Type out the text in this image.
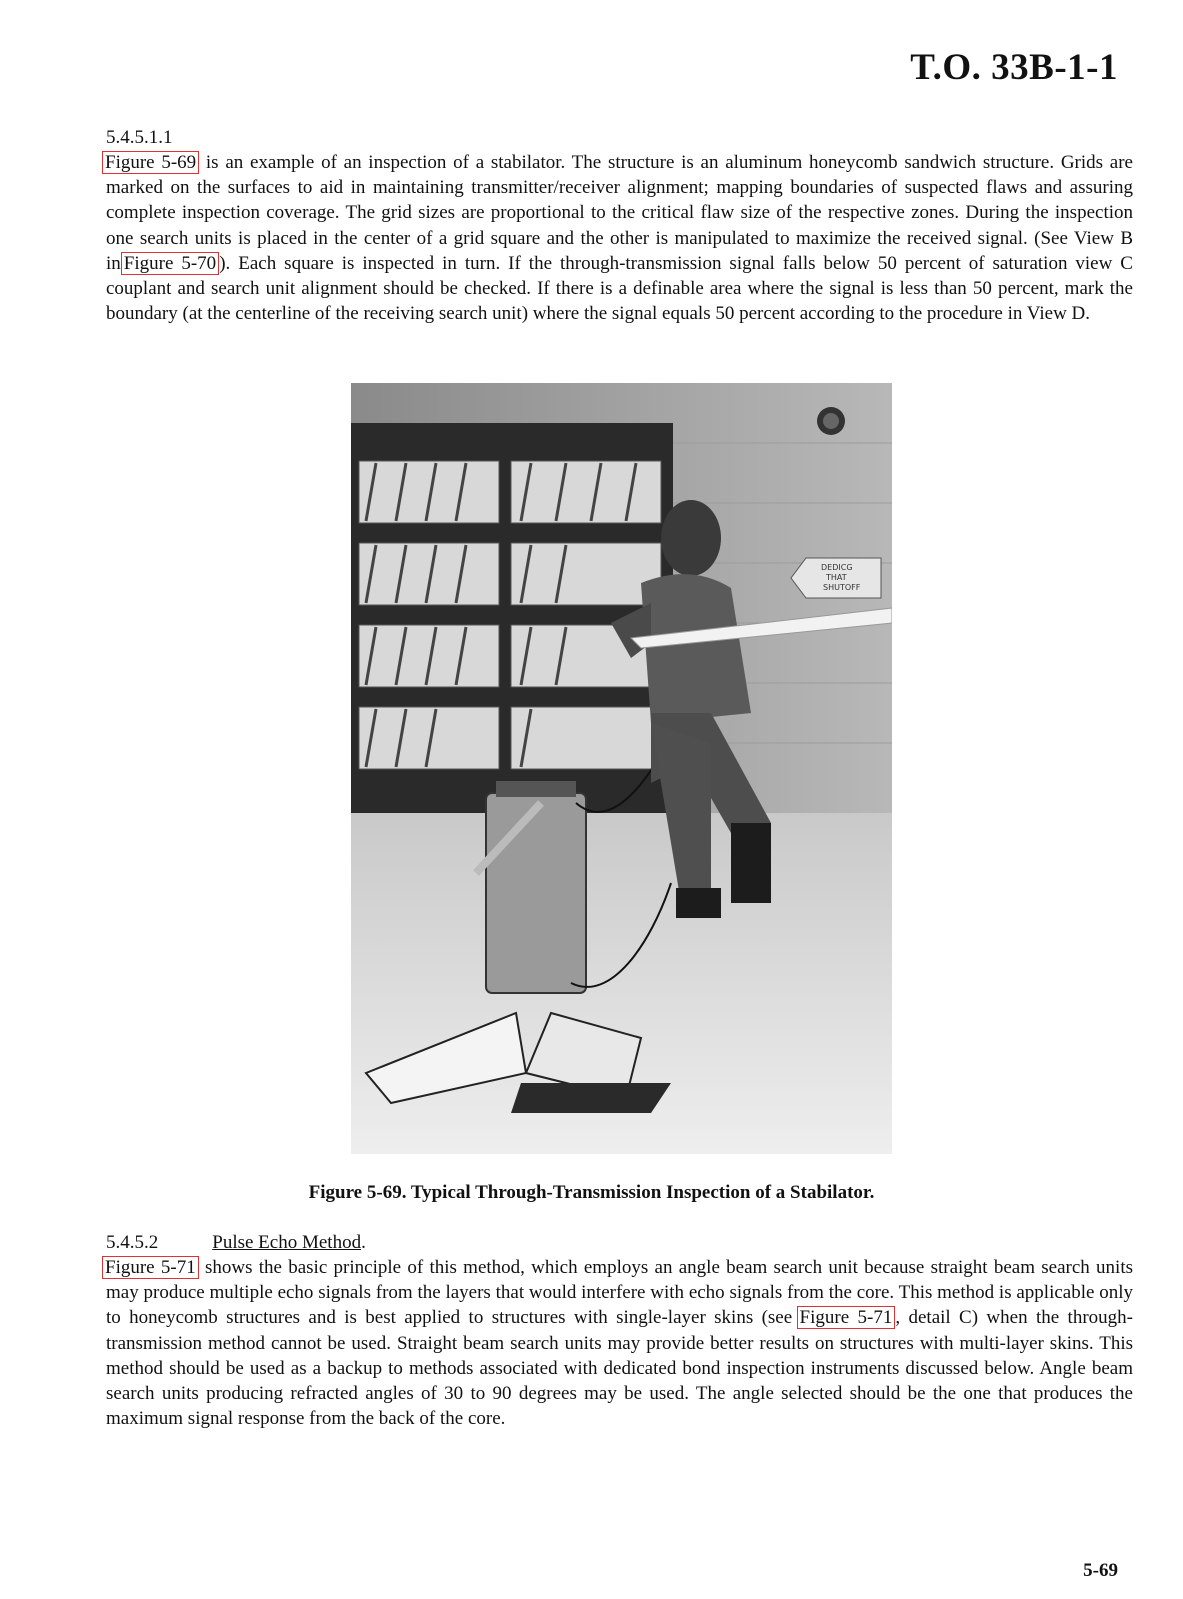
T.O. 33B-1-1
5.4.5.1.1
Figure 5-69 is an example of an inspection of a stabilator. The structure is an aluminum honeycomb sandwich structure. Grids are marked on the surfaces to aid in maintaining transmitter/receiver alignment; mapping boundaries of suspected flaws and assuring complete inspection coverage. The grid sizes are proportional to the critical flaw size of the respective zones. During the inspection one search units is placed in the center of a grid square and the other is manipulated to maximize the received signal. (See View B in Figure 5-70 ). Each square is inspected in turn. If the through-transmission signal falls below 50 percent of saturation view C couplant and search unit alignment should be checked. If there is a definable area where the signal is less than 50 percent, mark the boundary (at the centerline of the receiving search unit) where the signal equals 50 percent according to the procedure in View D.
DEDICG
THAT
SHUTOFF
Figure 5-69. Typical Through-Transmission Inspection of a Stabilator.
5.4.5.2	Pulse Echo Method.
Figure 5-71 shows the basic principle of this method, which employs an angle beam search unit because straight beam search units may produce multiple echo signals from the layers that would interfere with echo signals from the core. This method is applicable only to honeycomb structures and is best applied to structures with single-layer skins (see Figure 5-71 , detail C) when the through-transmission method cannot be used. Straight beam search units may provide better results on structures with multi-layer skins. This method should be used as a backup to methods associated with dedicated bond inspection instruments discussed below. Angle beam search units producing refracted angles of 30 to 90 degrees may be used. The angle selected should be the one that produces the maximum signal response from the back of the core.
5-69
